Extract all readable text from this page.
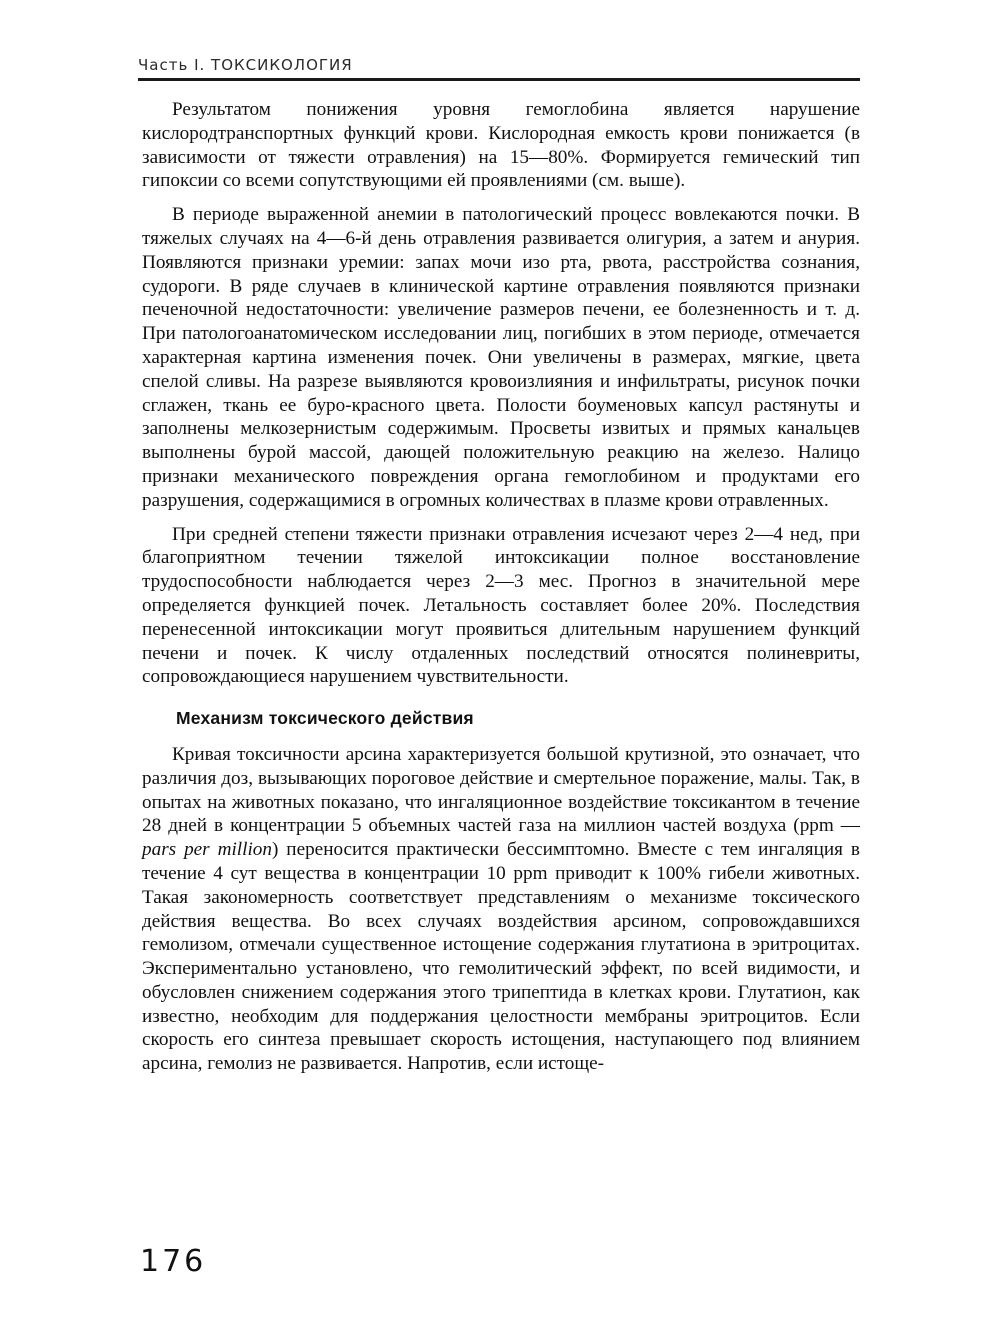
Часть I. ТОКСИКОЛОГИЯ

Результатом понижения уровня гемоглобина является нарушение кислородтранспортных функций крови. Кислородная емкость крови понижается (в зависимости от тяжести отравления) на 15—80%. Формируется гемический тип гипоксии со всеми сопутствующими ей проявлениями (см. выше).

В периоде выраженной анемии в патологический процесс вовлекаются почки. В тяжелых случаях на 4—6-й день отравления развивается олигурия, а затем и анурия. Появляются признаки уремии: запах мочи изо рта, рвота, расстройства сознания, судороги. В ряде случаев в клинической картине отравления появляются признаки печеночной недостаточности: увеличение размеров печени, ее болезненность и т. д. При патологоанатомическом исследовании лиц, погибших в этом периоде, отмечается характерная картина изменения почек. Они увеличены в размерах, мягкие, цвета спелой сливы. На разрезе выявляются кровоизлияния и инфильтраты, рисунок почки сглажен, ткань ее буро-красного цвета. Полости боуменовых капсул растянуты и заполнены мелкозернистым содержимым. Просветы извитых и прямых канальцев выполнены бурой массой, дающей положительную реакцию на железо. Налицо признаки механического повреждения органа гемоглобином и продуктами его разрушения, содержащимися в огромных количествах в плазме крови отравленных.

При средней степени тяжести признаки отравления исчезают через 2—4 нед, при благоприятном течении тяжелой интоксикации полное восстановление трудоспособности наблюдается через 2—3 мес. Прогноз в значительной мере определяется функцией почек. Летальность составляет более 20%. Последствия перенесенной интоксикации могут проявиться длительным нарушением функций печени и почек. К числу отдаленных последствий относятся полиневриты, сопровождающиеся нарушением чувствительности.

Механизм токсического действия

Кривая токсичности арсина характеризуется большой крутизной, это означает, что различия доз, вызывающих пороговое действие и смертельное поражение, малы. Так, в опытах на животных показано, что ингаляционное воздействие токсикантом в течение 28 дней в концентрации 5 объемных частей газа на миллион частей воздуха (ppm — pars per million) переносится практически бессимптомно. Вместе с тем ингаляция в течение 4 сут вещества в концентрации 10 ppm приводит к 100% гибели животных. Такая закономерность соответствует представлениям о механизме токсического действия вещества. Во всех случаях воздействия арсином, сопровождавшихся гемолизом, отмечали существенное истощение содержания глутатиона в эритроцитах. Экспериментально установлено, что гемолитический эффект, по всей видимости, и обусловлен снижением содержания этого трипептида в клетках крови. Глутатион, как известно, необходим для поддержания целостности мембраны эритроцитов. Если скорость его синтеза превышает скорость истощения, наступающего под влиянием арсина, гемолиз не развивается. Напротив, если истоще-

176
